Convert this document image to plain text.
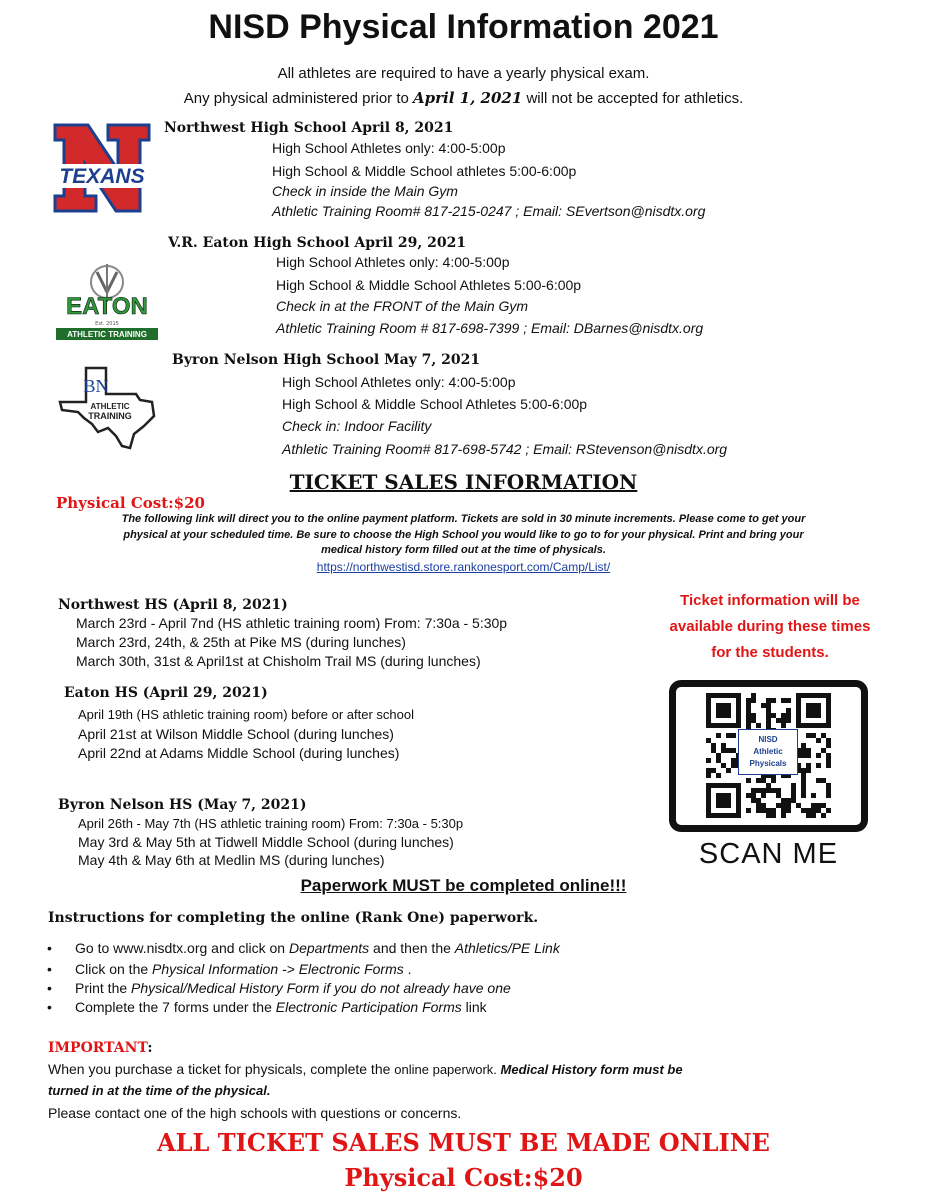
NISD Physical Information 2021
All athletes are required to have a yearly physical exam.
Any physical administered prior to April 1, 2021 will not be accepted for athletics.
TEXANS
Northwest High School April 8, 2021
High School Athletes only: 4:00-5:00p
High School & Middle School athletes 5:00-6:00p
Check in inside the Main Gym
Athletic Training Room# 817-215-0247 ; Email: SEvertson@nisdtx.org
EATON
Est. 2015
ATHLETIC TRAINING
V.R. Eaton High School April 29, 2021
High School Athletes only: 4:00-5:00p
High School & Middle School Athletes 5:00-6:00p
Check in at the FRONT of the Main Gym
Athletic Training Room # 817-698-7399 ; Email: DBarnes@nisdtx.org
BN
ATHLETIC
TRAINING
Byron Nelson High School May 7, 2021
High School Athletes only: 4:00-5:00p
High School & Middle School Athletes 5:00-6:00p
Check in: Indoor Facility
Athletic Training Room# 817-698-5742 ; Email: RStevenson@nisdtx.org
TICKET SALES INFORMATION
Physical Cost:$20
The following link will direct you to the online payment platform. Tickets are sold in 30 minute increments. Please come to get your
physical at your scheduled time. Be sure to choose the High School you would like to go to for your physical. Print and bring your
medical history form filled out at the time of physicals.
https://northwestisd.store.rankonesport.com/Camp/List/
Northwest HS (April 8, 2021)
March 23rd - April 7nd (HS athletic training room) From: 7:30a - 5:30p
March 23rd, 24th, & 25th at Pike MS (during lunches)
March 30th, 31st & April1st at Chisholm Trail MS (during lunches)
Eaton HS (April 29, 2021)
April 19th (HS athletic training room) before or after school
April 21st at Wilson Middle School (during lunches)
April 22nd at Adams Middle School (during lunches)
Byron Nelson HS (May 7, 2021)
April 26th - May 7th (HS athletic training room) From: 7:30a - 5:30p
May 3rd & May 5th at Tidwell Middle School (during lunches)
May 4th & May 6th at Medlin MS (during lunches)
Ticket information will be
available during these times
for the students.
NISD
Athletic
Physicals
SCAN ME
Paperwork MUST be completed online!!!
Instructions for completing the online (Rank One) paperwork.
• Go to www.nisdtx.org and click on Departments and then the Athletics/PE Link
• Click on the Physical Information -> Electronic Forms .
• Print the Physical/Medical History Form if you do not already have one
• Complete the 7 forms under the Electronic Participation Forms link
IMPORTANT:
When you purchase a ticket for physicals, complete the online paperwork. Medical History form must be
turned in at the time of the physical.
Please contact one of the high schools with questions or concerns.
ALL TICKET SALES MUST BE MADE ONLINE
Physical Cost:$20
